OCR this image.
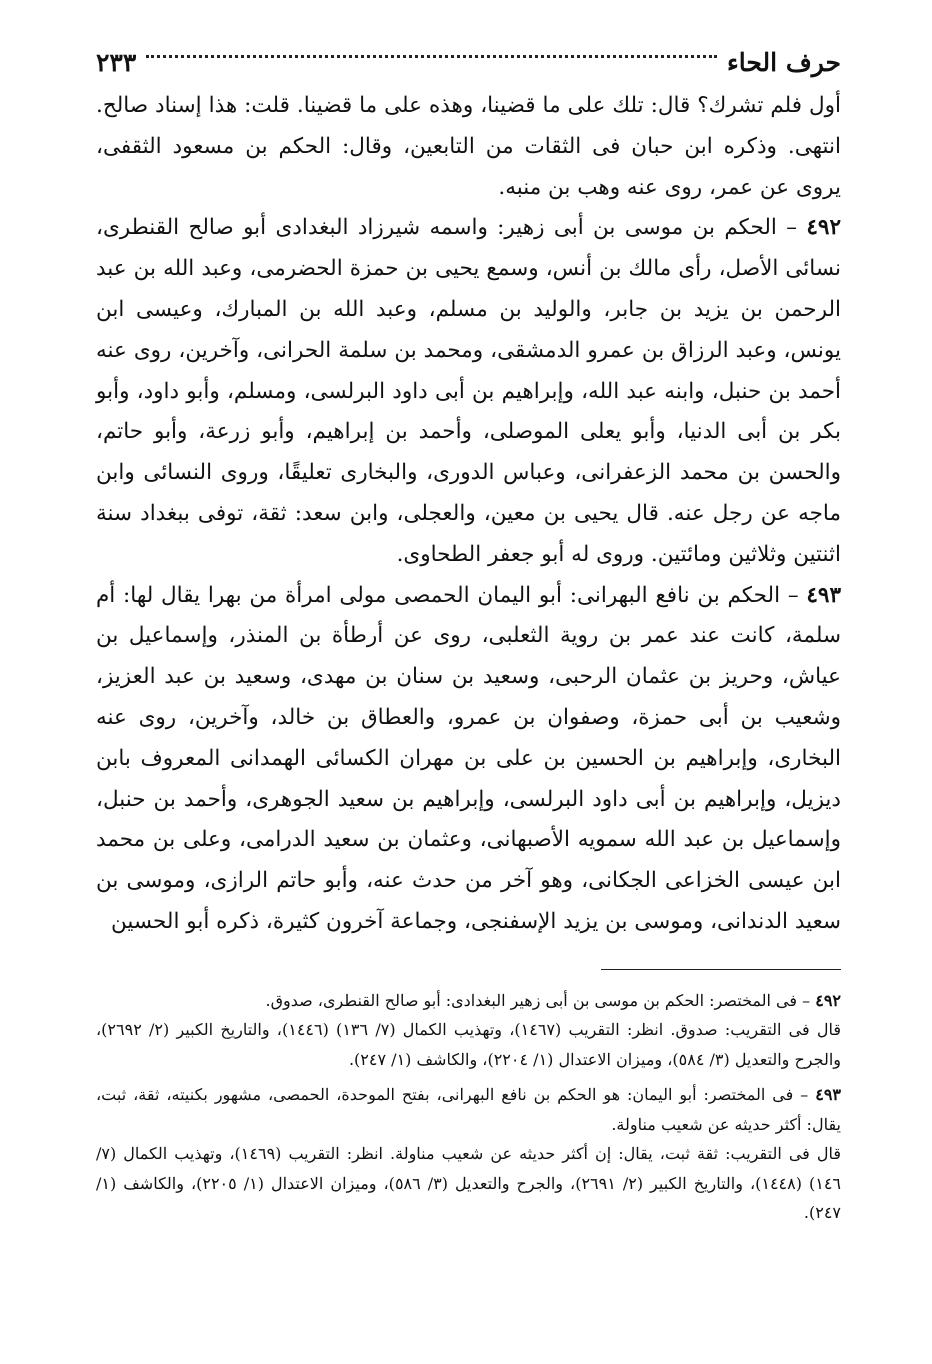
حرف الحاء
٢٣٣

أول فلم تشرك؟ قال: تلك على ما قضينا، وهذه على ما قضينا. قلت: هذا إسناد صالح. انتهى. وذكره ابن حبان فى الثقات من التابعين، وقال: الحكم بن مسعود الثقفى، يروى عن عمر، روى عنه وهب بن منبه.

٤٩٢ – الحكم بن موسى بن أبى زهير: واسمه شيرزاد البغدادى أبو صالح القنطرى، نسائى الأصل، رأى مالك بن أنس، وسمع يحيى بن حمزة الحضرمى، وعبد الله بن عبد الرحمن بن يزيد بن جابر، والوليد بن مسلم، وعبد الله بن المبارك، وعيسى ابن يونس، وعبد الرزاق بن عمرو الدمشقى، ومحمد بن سلمة الحرانى، وآخرين، روى عنه أحمد بن حنبل، وابنه عبد الله، وإبراهيم بن أبى داود البرلسى، ومسلم، وأبو داود، وأبو بكر بن أبى الدنيا، وأبو يعلى الموصلى، وأحمد بن إبراهيم، وأبو زرعة، وأبو حاتم، والحسن بن محمد الزعفرانى، وعباس الدورى، والبخارى تعليقًا، وروى النسائى وابن ماجه عن رجل عنه. قال يحيى بن معين، والعجلى، وابن سعد: ثقة، توفى ببغداد سنة اثنتين وثلاثين ومائتين. وروى له أبو جعفر الطحاوى.

٤٩٣ – الحكم بن نافع البهرانى: أبو اليمان الحمصى مولى امرأة من بهرا يقال لها: أم سلمة، كانت عند عمر بن روية الثعلبى، روى عن أرطأة بن المنذر، وإسماعيل بن عياش، وحريز بن عثمان الرحبى، وسعيد بن سنان بن مهدى، وسعيد بن عبد العزيز، وشعيب بن أبى حمزة، وصفوان بن عمرو، والعطاق بن خالد، وآخرين، روى عنه البخارى، وإبراهيم بن الحسين بن على بن مهران الكسائى الهمدانى المعروف بابن ديزيل، وإبراهيم بن أبى داود البرلسى، وإبراهيم بن سعيد الجوهرى، وأحمد بن حنبل، وإسماعيل بن عبد الله سمويه الأصبهانى، وعثمان بن سعيد الدرامى، وعلى بن محمد ابن عيسى الخزاعى الجكانى، وهو آخر من حدث عنه، وأبو حاتم الرازى، وموسى بن سعيد الدندانى، وموسى بن يزيد الإسفنجى، وجماعة آخرون كثيرة، ذكره أبو الحسين

٤٩٢ – فى المختصر: الحكم بن موسى بن أبى زهير البغدادى: أبو صالح القنطرى، صدوق.

قال فى التقريب: صدوق. انظر: التقريب (١٤٦٧)، وتهذيب الكمال (٧/ ١٣٦) (١٤٤٦)، والتاريخ الكبير (٢/ ٢٦٩٢)، والجرح والتعديل (٣/ ٥٨٤)، وميزان الاعتدال (١/ ٢٢٠٤)، والكاشف (١/ ٢٤٧).

٤٩٣ – فى المختصر: أبو اليمان: هو الحكم بن نافع البهرانى، بفتح الموحدة، الحمصى، مشهور بكنيته، ثقة، ثبت، يقال: أكثر حديثه عن شعيب مناولة.

قال فى التقريب: ثقة ثبت، يقال: إن أكثر حديثه عن شعيب مناولة. انظر: التقريب (١٤٦٩)، وتهذيب الكمال (٧/ ١٤٦) (١٤٤٨)، والتاريخ الكبير (٢/ ٢٦٩١)، والجرح والتعديل (٣/ ٥٨٦)، وميزان الاعتدال (١/ ٢٢٠٥)، والكاشف (١/ ٢٤٧).
